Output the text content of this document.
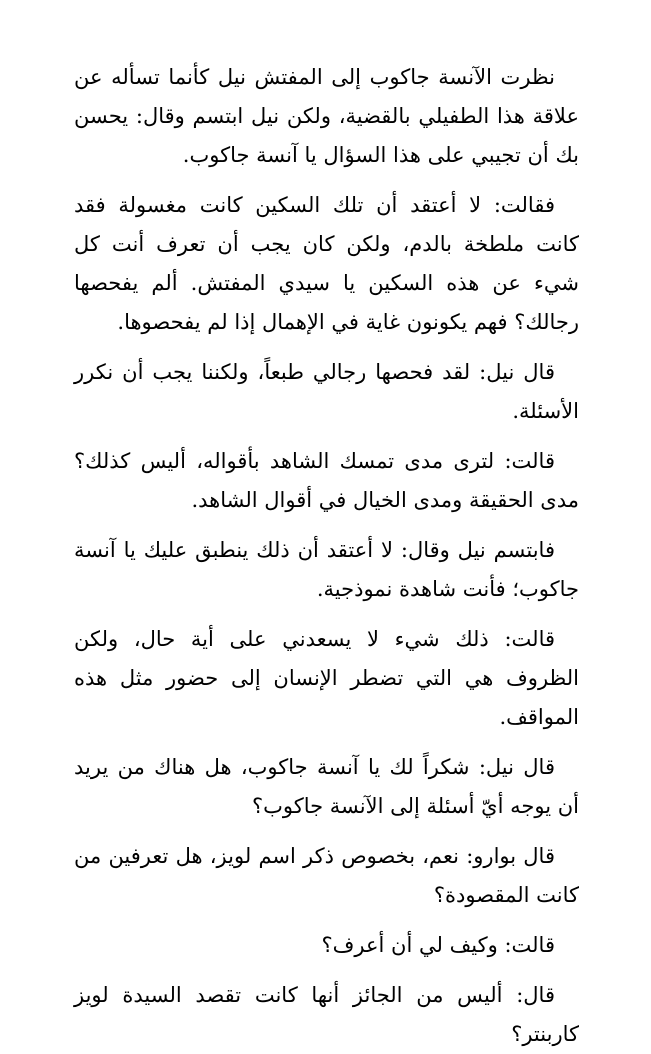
نظرت الآنسة جاكوب إلى المفتش نيل كأنما تسأله عن علاقة هذا الطفيلي بالقضية، ولكن نيل ابتسم وقال: يحسن بك أن تجيبي على هذا السؤال يا آنسة جاكوب.

فقالت: لا أعتقد أن تلك السكين كانت مغسولة فقد كانت ملطخة بالدم، ولكن كان يجب أن تعرف أنت كل شيء عن هذه السكين يا سيدي المفتش. ألم يفحصها رجالك؟ فهم يكونون غاية في الإهمال إذا لم يفحصوها.

قال نيل: لقد فحصها رجالي طبعاً، ولكننا يجب أن نكرر الأسئلة.

قالت: لترى مدى تمسك الشاهد بأقواله، أليس كذلك؟ مدى الحقيقة ومدى الخيال في أقوال الشاهد.

فابتسم نيل وقال: لا أعتقد أن ذلك ينطبق عليك يا آنسة جاكوب؛ فأنت شاهدة نموذجية.

قالت: ذلك شيء لا يسعدني على أية حال، ولكن الظروف هي التي تضطر الإنسان إلى حضور مثل هذه المواقف.

قال نيل: شكراً لك يا آنسة جاكوب، هل هناك من يريد أن يوجه أيّ أسئلة إلى الآنسة جاكوب؟

قال بوارو: نعم، بخصوص ذكر اسم لويز، هل تعرفين من كانت المقصودة؟

قالت: وكيف لي أن أعرف؟

قال: أليس من الجائز أنها كانت تقصد السيدة لويز كاربنتر؟
